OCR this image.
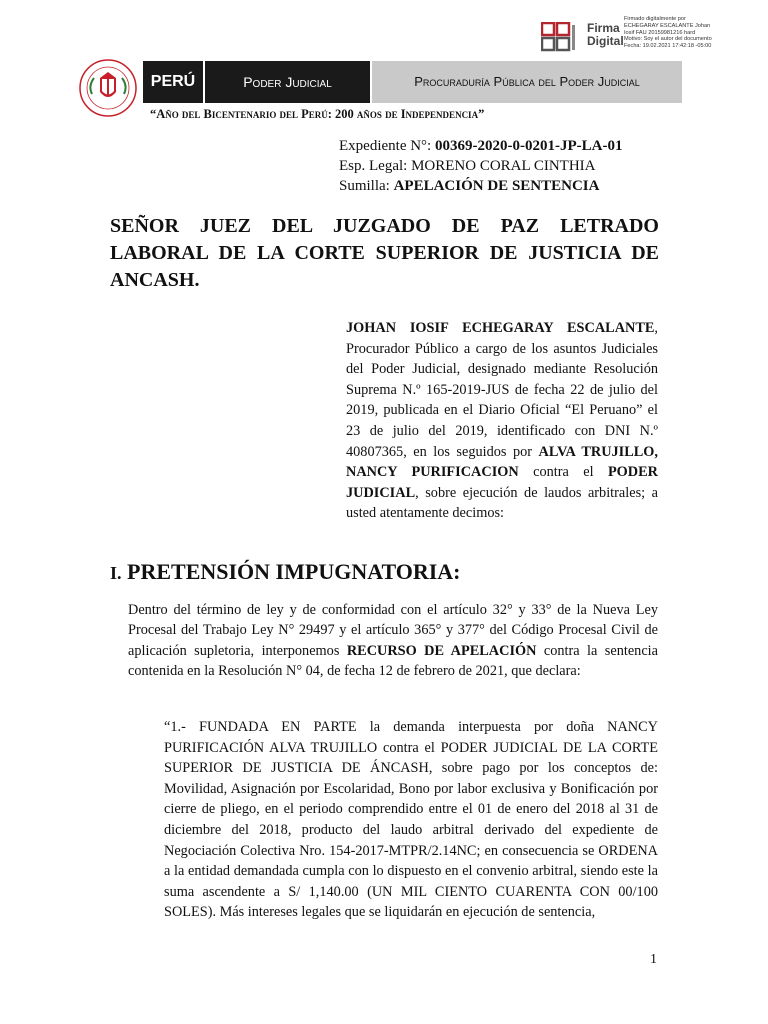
Firma
Digital
Firmado digitalmente por
ECHEGARAY ESCALANTE Johan
Iosif FAU 20159981216 hard
Motivo: Soy el autor del documento
Fecha: 19.02.2021 17:42:18 -05:00
PERÚ	Poder Judicial	Procuraduría Pública del Poder Judicial
“Año del Bicentenario del Perú: 200 años de Independencia”
Expediente N°: 00369-2020-0-0201-JP-LA-01
Esp. Legal: MORENO CORAL CINTHIA
Sumilla: APELACIÓN DE SENTENCIA
SEÑOR JUEZ DEL JUZGADO DE PAZ LETRADO LABORAL DE LA CORTE SUPERIOR DE JUSTICIA DE ANCASH.
JOHAN IOSIF ECHEGARAY ESCALANTE, Procurador Público a cargo de los asuntos Judiciales del Poder Judicial, designado mediante Resolución Suprema N.º 165-2019-JUS de fecha 22 de julio del 2019, publicada en el Diario Oficial “El Peruano” el 23 de julio del 2019, identificado con DNI N.º 40807365, en los seguidos por ALVA TRUJILLO, NANCY PURIFICACION contra el PODER JUDICIAL, sobre ejecución de laudos arbitrales; a usted atentamente decimos:
I. PRETENSIÓN IMPUGNATORIA:
Dentro del término de ley y de conformidad con el artículo 32° y 33° de la Nueva Ley Procesal del Trabajo Ley N° 29497 y el artículo 365° y 377° del Código Procesal Civil de aplicación supletoria, interponemos RECURSO DE APELACIÓN contra la sentencia contenida en la Resolución N° 04, de fecha 12 de febrero de 2021, que declara:
“1.- FUNDADA EN PARTE la demanda interpuesta por doña NANCY PURIFICACIÓN ALVA TRUJILLO contra el PODER JUDICIAL DE LA CORTE SUPERIOR DE JUSTICIA DE ÁNCASH, sobre pago por los conceptos de: Movilidad, Asignación por Escolaridad, Bono por labor exclusiva y Bonificación por cierre de pliego, en el periodo comprendido entre el 01 de enero del 2018 al 31 de diciembre del 2018, producto del laudo arbitral derivado del expediente de Negociación Colectiva Nro. 154-2017-MTPR/2.14NC; en consecuencia se ORDENA a la entidad demandada cumpla con lo dispuesto en el convenio arbitral, siendo este la suma ascendente a S/ 1,140.00 (UN MIL CIENTO CUARENTA CON 00/100 SOLES). Más intereses legales que se liquidarán en ejecución de sentencia,
1
